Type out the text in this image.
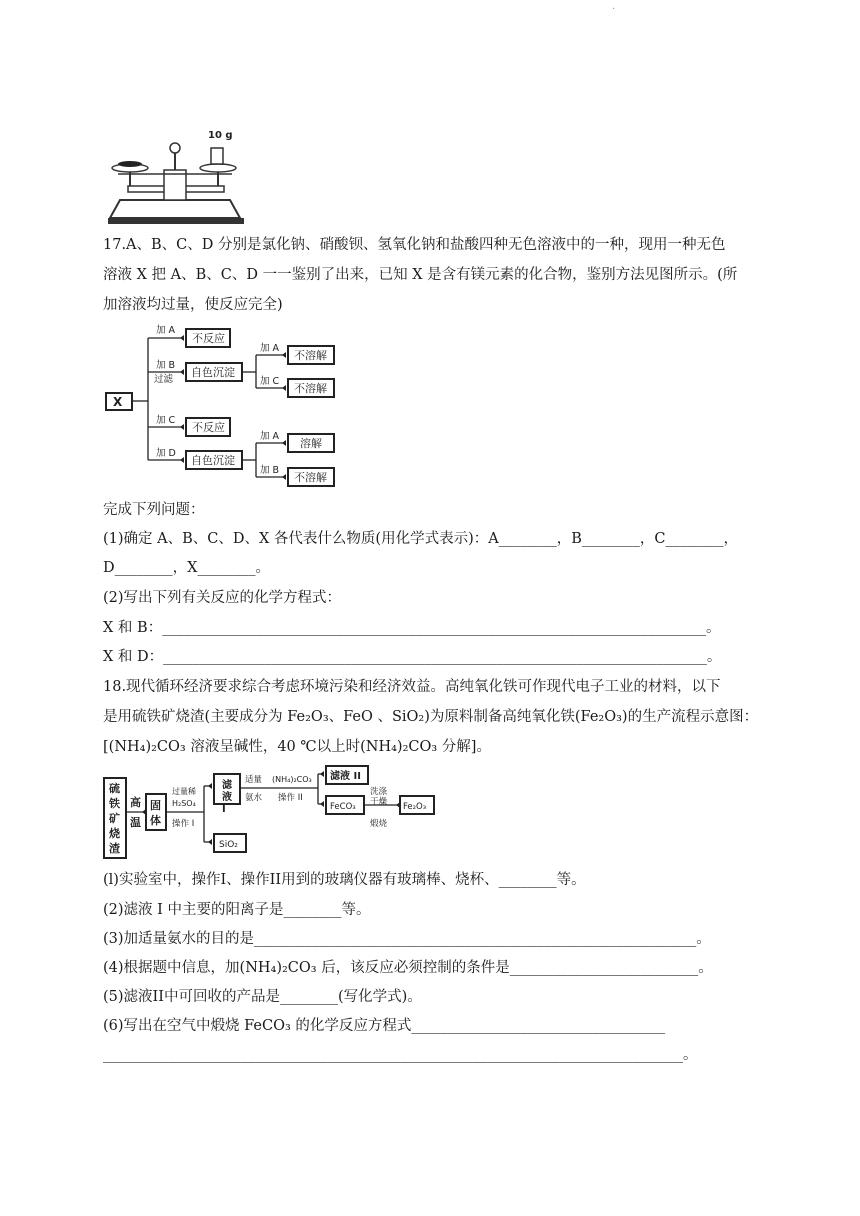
·
10 g
17.A、B、C、D 分别是氯化钠、硝酸钡、氢氧化钠和盐酸四种无色溶液中的一种，现用一种无色
溶液 X 把 A、B、C、D 一一鉴别了出来，已知 X 是含有镁元素的化合物，鉴别方法见图所示。(所
加溶液均过量，使反应完全)
X
加 A
加 B
过滤
加 C
加 D
不反应
自色沉淀
不反应
自色沉淀
加 A
加 C
加 A
加 B
不溶解
不溶解
溶解
不溶解
完成下列问题：
(1)确定 A、B、C、D、X 各代表什么物质(用化学式表示)：A________，B________，C________，
D________，X________。
(2)写出下列有关反应的化学方程式：
X 和 B：___________________________________________________________________________。
X 和 D：___________________________________________________________________________。
18.现代循环经济要求综合考虑环境污染和经济效益。高纯氧化铁可作现代电子工业的材料，以下
是用硫铁矿烧渣(主要成分为 Fe₂O₃、FeO 、SiO₂)为原料制备高纯氧化铁(Fe₂O₃)的生产流程示意图：
[(NH₄)₂CO₃ 溶液呈碱性，40 ℃以上时(NH₄)₂CO₃ 分解]。
硫铁矿烧渣
高
温
固体
过量稀
H₂SO₄
操作 I
滤液 I
适量
氨水
(NH₄)₂CO₃
操作 II
滤液 II
FeCO₃
洗涤
干燥
煅烧
Fe₂O₃
SiO₂
(l)实验室中，操作I、操作II用到的玻璃仪器有玻璃棒、烧杯、________等。
(2)滤液 I 中主要的阳离子是________等。
(3)加适量氨水的目的是_____________________________________________________________。
(4)根据题中信息，加(NH₄)₂CO₃ 后，该反应必须控制的条件是__________________________。
(5)滤液II中可回收的产品是________(写化学式)。
(6)写出在空气中煅烧 FeCO₃ 的化学反应方程式___________________________________
________________________________________________________________________________。
